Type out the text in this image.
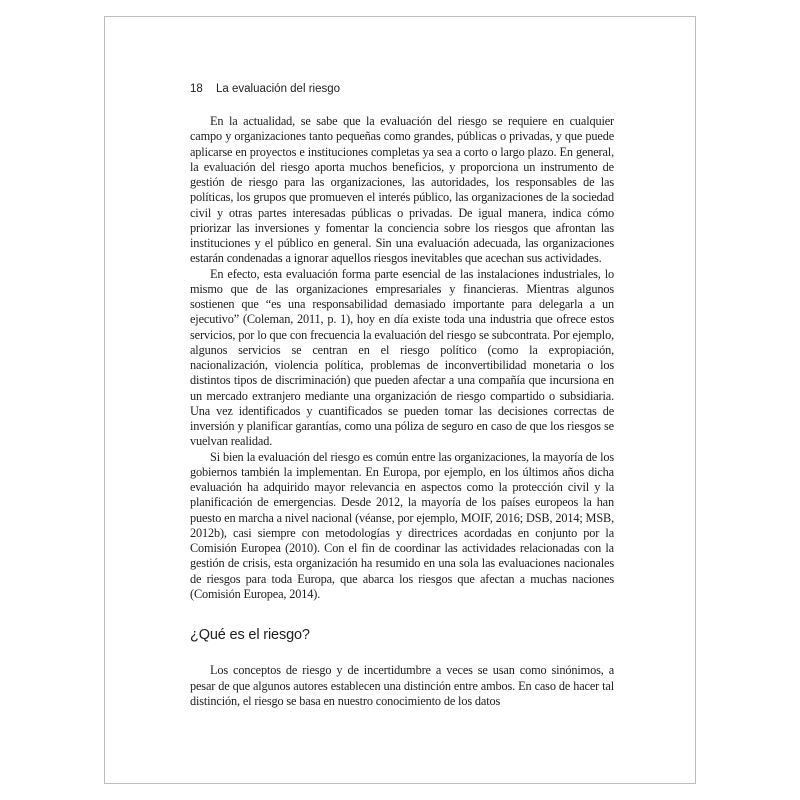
18 La evaluación del riesgo

En la actualidad, se sabe que la evaluación del riesgo se requiere en cualquier campo y organizaciones tanto pequeñas como grandes, públicas o privadas, y que puede aplicarse en proyectos e instituciones completas ya sea a corto o largo plazo. En general, la evaluación del riesgo aporta muchos beneficios, y proporciona un instrumento de gestión de riesgo para las organizaciones, las autoridades, los responsables de las políticas, los grupos que promueven el interés público, las organizaciones de la sociedad civil y otras partes interesadas públicas o privadas. De igual manera, indica cómo priorizar las inversiones y fomentar la conciencia sobre los riesgos que afrontan las instituciones y el público en general. Sin una evaluación adecuada, las organizaciones estarán condenadas a ignorar aquellos riesgos inevitables que acechan sus actividades.

En efecto, esta evaluación forma parte esencial de las instalaciones industriales, lo mismo que de las organizaciones empresariales y financieras. Mientras algunos sostienen que “es una responsabilidad demasiado importante para delegarla a un ejecutivo” (Coleman, 2011, p. 1), hoy en día existe toda una industria que ofrece estos servicios, por lo que con frecuencia la evaluación del riesgo se subcontrata. Por ejemplo, algunos servicios se centran en el riesgo político (como la expropiación, nacionalización, violencia política, problemas de inconvertibilidad monetaria o los distintos tipos de discriminación) que pueden afectar a una compañía que incursiona en un mercado extranjero mediante una organización de riesgo compartido o subsidiaria. Una vez identificados y cuantificados se pueden tomar las decisiones correctas de inversión y planificar garantías, como una póliza de seguro en caso de que los riesgos se vuelvan realidad.

Si bien la evaluación del riesgo es común entre las organizaciones, la mayoría de los gobiernos también la implementan. En Europa, por ejemplo, en los últimos años dicha evaluación ha adquirido mayor relevancia en aspectos como la protección civil y la planificación de emergencias. Desde 2012, la mayoría de los países europeos la han puesto en marcha a nivel nacional (véanse, por ejemplo, MOIF, 2016; DSB, 2014; MSB, 2012b), casi siempre con metodologías y directrices acordadas en conjunto por la Comisión Europea (2010). Con el fin de coordinar las actividades relacionadas con la gestión de crisis, esta organización ha resumido en una sola las evaluaciones nacionales de riesgos para toda Europa, que abarca los riesgos que afectan a muchas naciones (Comisión Europea, 2014).

¿Qué es el riesgo?

Los conceptos de riesgo y de incertidumbre a veces se usan como sinónimos, a pesar de que algunos autores establecen una distinción entre ambos. En caso de hacer tal distinción, el riesgo se basa en nuestro conocimiento de los datos
